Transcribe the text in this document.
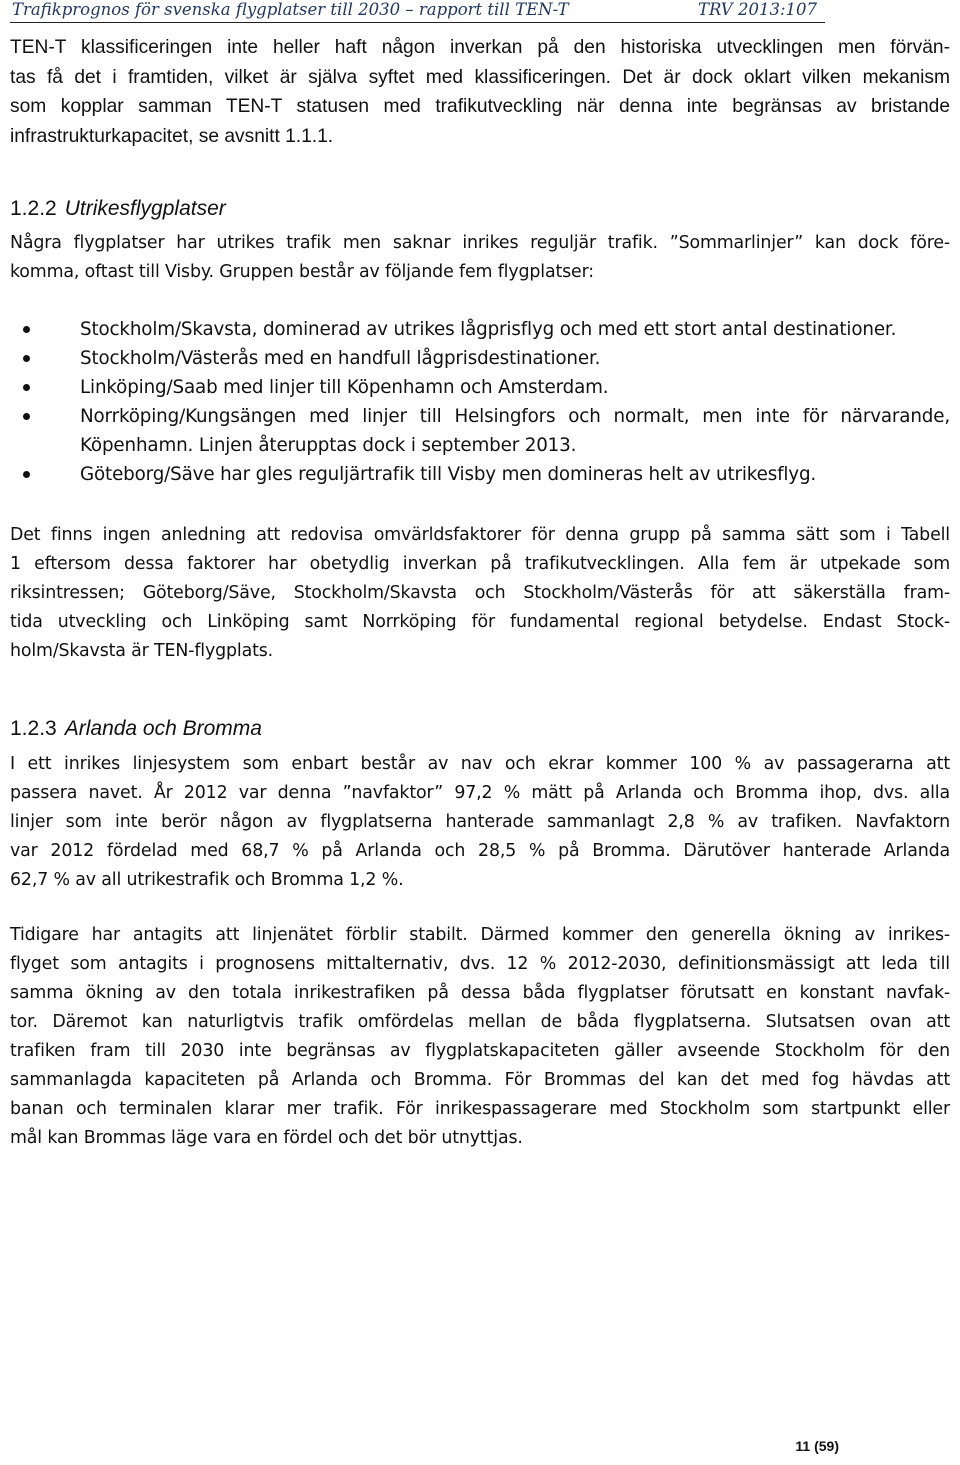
Trafikprognos för svenska flygplatser till 2030 – rapport till TEN-T	TRV 2013:107
TEN-T klassificeringen inte heller haft någon inverkan på den historiska utvecklingen men förvän-
tas få det i framtiden, vilket är själva syftet med klassificeringen. Det är dock oklart vilken mekanism
som kopplar samman TEN-T statusen med trafikutveckling när denna inte begränsas av bristande
infrastrukturkapacitet, se avsnitt 1.1.1.
1.2.2 Utrikesflygplatser
Några flygplatser har utrikes trafik men saknar inrikes reguljär trafik. ”Sommarlinjer” kan dock före-
komma, oftast till Visby. Gruppen består av följande fem flygplatser:
Stockholm/Skavsta, dominerad av utrikes lågprisflyg och med ett stort antal destinationer.
Stockholm/Västerås med en handfull lågprisdestinationer.
Linköping/Saab med linjer till Köpenhamn och Amsterdam.
Norrköping/Kungsängen med linjer till Helsingfors och normalt, men inte för närvarande,
Köpenhamn. Linjen återupptas dock i september 2013.
Göteborg/Säve har gles reguljärtrafik till Visby men domineras helt av utrikesflyg.
Det finns ingen anledning att redovisa omvärldsfaktorer för denna grupp på samma sätt som i Tabell
1 eftersom dessa faktorer har obetydlig inverkan på trafikutvecklingen. Alla fem är utpekade som
riksintressen; Göteborg/Säve, Stockholm/Skavsta och Stockholm/Västerås för att säkerställa fram-
tida utveckling och Linköping samt Norrköping för fundamental regional betydelse. Endast Stock-
holm/Skavsta är TEN-flygplats.
1.2.3 Arlanda och Bromma
I ett inrikes linjesystem som enbart består av nav och ekrar kommer 100 % av passagerarna att
passera navet. År 2012 var denna ”navfaktor” 97,2 % mätt på Arlanda och Bromma ihop, dvs. alla
linjer som inte berör någon av flygplatserna hanterade sammanlagt 2,8 % av trafiken. Navfaktorn
var 2012 fördelad med 68,7 % på Arlanda och 28,5 % på Bromma. Därutöver hanterade Arlanda
62,7 % av all utrikestrafik och Bromma 1,2 %.
Tidigare har antagits att linjenätet förblir stabilt. Därmed kommer den generella ökning av inrikes-
flyget som antagits i prognosens mittalternativ, dvs. 12 % 2012-2030, definitionsmässigt att leda till
samma ökning av den totala inrikestrafiken på dessa båda flygplatser förutsatt en konstant navfak-
tor. Däremot kan naturligtvis trafik omfördelas mellan de båda flygplatserna. Slutsatsen ovan att
trafiken fram till 2030 inte begränsas av flygplatskapaciteten gäller avseende Stockholm för den
sammanlagda kapaciteten på Arlanda och Bromma. För Brommas del kan det med fog hävdas att
banan och terminalen klarar mer trafik. För inrikespassagerare med Stockholm som startpunkt eller
mål kan Brommas läge vara en fördel och det bör utnyttjas.
11 (59)
